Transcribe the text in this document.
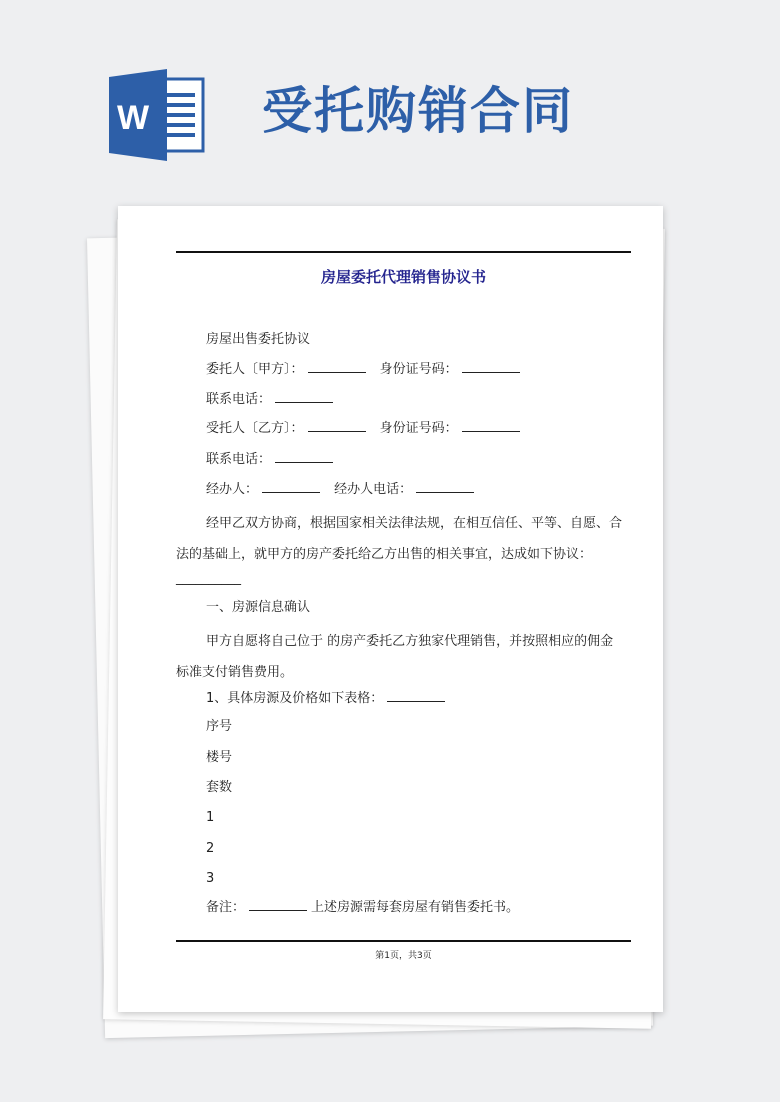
W 受托购销合同
房屋委托代理销售协议书
房屋出售委托协议
委托人〔甲方〕：	身份证号码：
联系电话：
受托人〔乙方〕：	身份证号码：
联系电话：
经办人：	经办人电话：
经甲乙双方协商，根据国家相关法律法规，在相互信任、平等、自愿、合
法的基础上，就甲方的房产委托给乙方出售的相关事宜，达成如下协议：
__________
一、房源信息确认
甲方自愿将自己位于 的房产委托乙方独家代理销售，并按照相应的佣金
标准支付销售费用。
1、具体房源及价格如下表格：
序号
楼号
套数
1
2
3
备注：	上述房源需每套房屋有销售委托书。
第1页，共3页
